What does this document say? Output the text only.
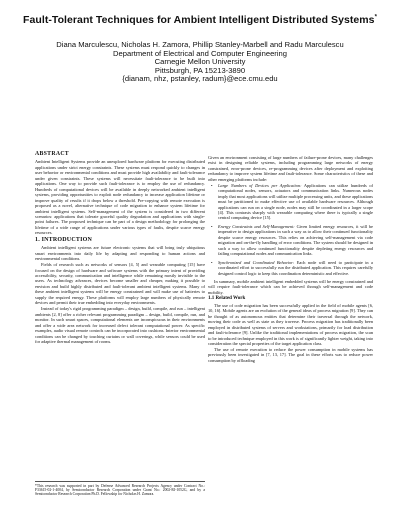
Fault-Tolerant Techniques for Ambient Intelligent Distributed Systems*
Diana Marculescu, Nicholas H. Zamora, Phillip Stanley-Marbell and Radu Marculescu
Department of Electrical and Computer Engineering
Carnegie Mellon University
Pittsburgh, PA 15213-3890
{dianam, nhz, pstanley, radum}@ece.cmu.edu
ABSTRACT

Ambient Intelligent Systems provide an unexplored hardware platform for executing distributed applications under strict energy constraints. These systems must respond quickly to changes in user behavior or environmental conditions and must provide high availability and fault-tolerance under given constraints. These systems will necessitate fault-tolerance to be built into applications. One way to provide such fault-tolerance is to employ the use of redundancy. Hundreds of computational devices will be available in deeply networked ambient intelligent systems, providing opportunities to exploit node redundancy to increase application lifetime or improve quality of results if it drops below a threshold. Pre-copying with remote execution is proposed as a novel, alternative technique of code migration to enhance system lifetime for ambient intelligent systems. Self-management of the system is considered in two different scenarios: applications that tolerate graceful quality degradation and applications with single-point failures. The proposed technique can be part of a design methodology for prolonging the lifetime of a wide range of applications under various types of faults, despite scarce energy resources.

1. INTRODUCTION

Ambient intelligent systems are future electronic systems that will bring truly ubiquitous smart environments into daily life by adapting and responding to human actions and environmental conditions.

Fields of research such as networks of sensors [4, 5] and wearable computing [15] have focused on the design of hardware and software systems with the primary intent of providing accessibility, security, communication and intelligence while remaining mostly invisible to the users. As technology advances, devices become smaller and cheaper, making it possible to envision and build highly distributed and fault-tolerant ambient intelligent systems. Many of these ambient intelligent systems will be energy constrained and will make use of batteries to supply the required energy. These platforms will employ large numbers of physically remote devices and permit their true embedding into everyday environments.

Instead of today's rigid programming paradigm – design, build, compile, and run – intelligent ambients [2, 8] offer a richer relevant programming paradigm – design, build, compile, run, and monitor. In such smart spaces, computational elements are inconspicuous in their environments and offer a wide area network for increased defect tolerant computational power. As specific examples, audio visual remote controls can be incorporated into cushions. Interior environmental conditions can be changed by touching curtains or wall coverings, while sensors could be used for adaptive thermal management of rooms.

*This research was supported in part by Defense Advanced Research Projects Agency under Contract No.: F33615-02-1-4004, by Semiconductor Research Corporation under Grant No.: 2002-RJ-1052G, and by a Semiconductor Research Corporation Ph.D. Fellowship for Nicholas H. Zamora.

Given an environment consisting of large numbers of failure-prone devices, many challenges exist in designing reliable systems, including programming large networks of energy constrained, error-prone devices, re-programming devices after deployment and exploiting redundancy to improve system lifetime and fault-tolerance. Some characteristics of these and other emerging platforms include:

• Large Numbers of Devices per Application: Applications can utilize hundreds of computational nodes, sensors, actuators and communication links. Numerous nodes imply that most applications will utilize multiple processing units, and these applications must be partitioned to make effective use of available hardware resources. Although applications can run on a single node, nodes may still be coordinated in a larger scope [4]. This contrasts sharply with wearable computing where there is typically a single central computing device [15].
• Energy Constraints and Self-Management: Given limited energy resources, it will be imperative to design applications in such a way as to allow their continued functionality despite scarce energy resources. This relies on achieving self-management via code migration and on-the-fly handling of error conditions. The system should be designed in such a way to allow continued functionality despite depleting energy resources and failing computational nodes and communication links.
• Synchronized and Coordinated Behavior: Each node will need to participate in a coordinated effort to successfully run the distributed application. This requires carefully designed control logic to keep this coordination deterministic and effective.

In summary, mobile ambient intelligent embedded systems will be energy constrained and will require fault-tolerance which can be achieved through self-management and code mobility.

1.1 Related Work

The use of code migration has been successfully applied in the field of mobile agents [6, 10, 16]. Mobile agents are an evolution of the general ideas of process migration [9]. They can be thought of as autonomous entities that determine their traversal through the network, moving their code as well as state as they traverse. Process migration has traditionally been employed in distributed systems of servers and workstations, primarily for load distribution and fault-tolerance [9]. Unlike the traditional implementations of process migration, the scan to be introduced technique employed in this work is of significantly lighter weight, taking into consideration the special properties of the target application class.

The use of remote execution to reduce the power consumption in mobile systems has previously been investigated in [7, 13, 17]. The goal in these efforts was to reduce power consumption by offloading
